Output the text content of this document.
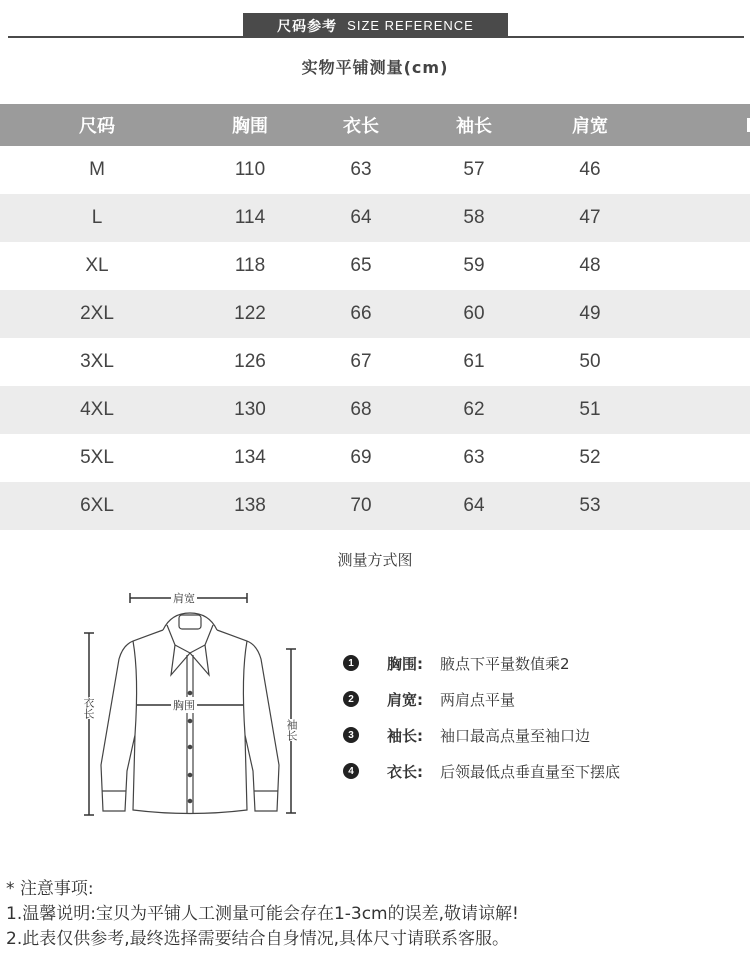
尺码参考 SIZE REFERENCE
实物平铺测量(cm)
尺码	胸围	衣长	袖长	肩宽
M	110	63	57	46
L	114	64	58	47
XL	118	65	59	48
2XL	122	66	60	49
3XL	126	67	61	50
4XL	130	68	62	51
5XL	134	69	63	52
6XL	138	70	64	53
测量方式图
肩宽
胸围
衣长
袖长
1	胸围:	腋点下平量数值乘2
2	肩宽:	两肩点平量
3	袖长:	袖口最高点量至袖口边
4	衣长:	后领最低点垂直量至下摆底
* 注意事项:
1.温馨说明:宝贝为平铺人工测量可能会存在1-3cm的误差,敬请谅解!
2.此表仅供参考,最终选择需要结合自身情况,具体尺寸请联系客服。
